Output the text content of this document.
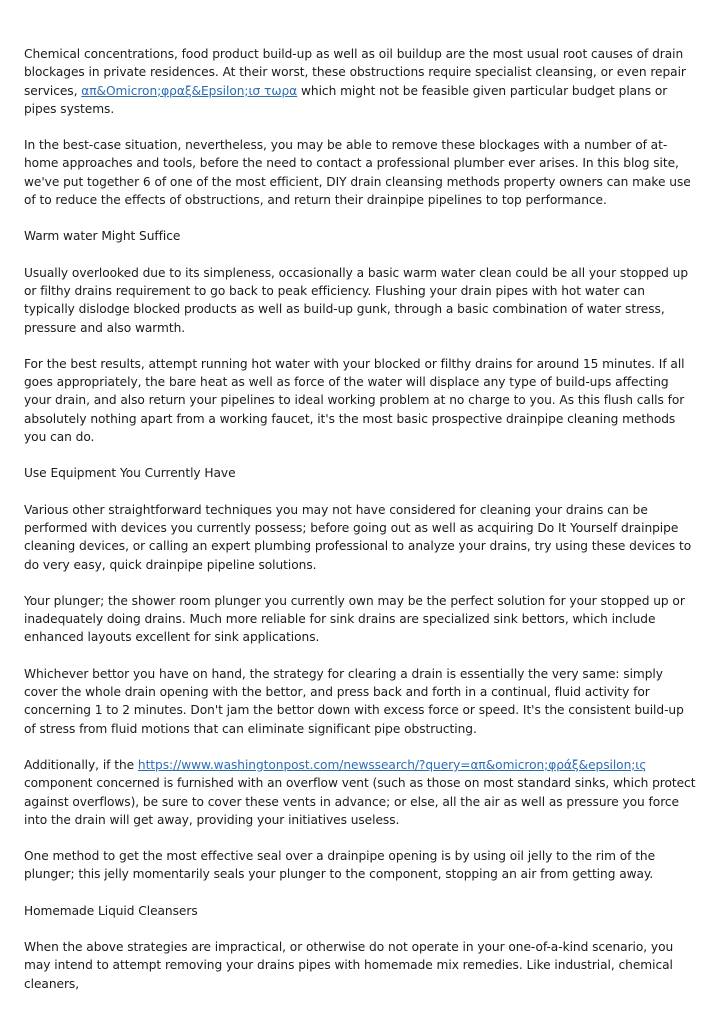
Chemical concentrations, food product build-up as well as oil buildup are the most usual root causes of drain blockages in private residences. At their worst, these obstructions require specialist cleansing, or even repair services, απ&Omicron;φραξ&Epsilon;ισ τωρα which might not be feasible given particular budget plans or pipes systems.

In the best-case situation, nevertheless, you may be able to remove these blockages with a number of at-home approaches and tools, before the need to contact a professional plumber ever arises. In this blog site, we've put together 6 of one of the most efficient, DIY drain cleansing methods property owners can make use of to reduce the effects of obstructions, and return their drainpipe pipelines to top performance.

Warm water Might Suffice

Usually overlooked due to its simpleness, occasionally a basic warm water clean could be all your stopped up or filthy drains requirement to go back to peak efficiency. Flushing your drain pipes with hot water can typically dislodge blocked products as well as build-up gunk, through a basic combination of water stress, pressure and also warmth.

For the best results, attempt running hot water with your blocked or filthy drains for around 15 minutes. If all goes appropriately, the bare heat as well as force of the water will displace any type of build-ups affecting your drain, and also return your pipelines to ideal working problem at no charge to you. As this flush calls for absolutely nothing apart from a working faucet, it's the most basic prospective drainpipe cleaning methods you can do.

Use Equipment You Currently Have

Various other straightforward techniques you may not have considered for cleaning your drains can be performed with devices you currently possess; before going out as well as acquiring Do It Yourself drainpipe cleaning devices, or calling an expert plumbing professional to analyze your drains, try using these devices to do very easy, quick drainpipe pipeline solutions.

Your plunger; the shower room plunger you currently own may be the perfect solution for your stopped up or inadequately doing drains. Much more reliable for sink drains are specialized sink bettors, which include enhanced layouts excellent for sink applications.

Whichever bettor you have on hand, the strategy for clearing a drain is essentially the very same: simply cover the whole drain opening with the bettor, and press back and forth in a continual, fluid activity for concerning 1 to 2 minutes. Don't jam the bettor down with excess force or speed. It's the consistent build-up of stress from fluid motions that can eliminate significant pipe obstructing.

Additionally, if the https://www.washingtonpost.com/newssearch/?query=απ&omicron;φράξ&epsilon;ις component concerned is furnished with an overflow vent (such as those on most standard sinks, which protect against overflows), be sure to cover these vents in advance; or else, all the air as well as pressure you force into the drain will get away, providing your initiatives useless.

One method to get the most effective seal over a drainpipe opening is by using oil jelly to the rim of the plunger; this jelly momentarily seals your plunger to the component, stopping an air from getting away.

Homemade Liquid Cleansers

When the above strategies are impractical, or otherwise do not operate in your one-of-a-kind scenario, you may intend to attempt removing your drains pipes with homemade mix remedies. Like industrial, chemical cleaners,
